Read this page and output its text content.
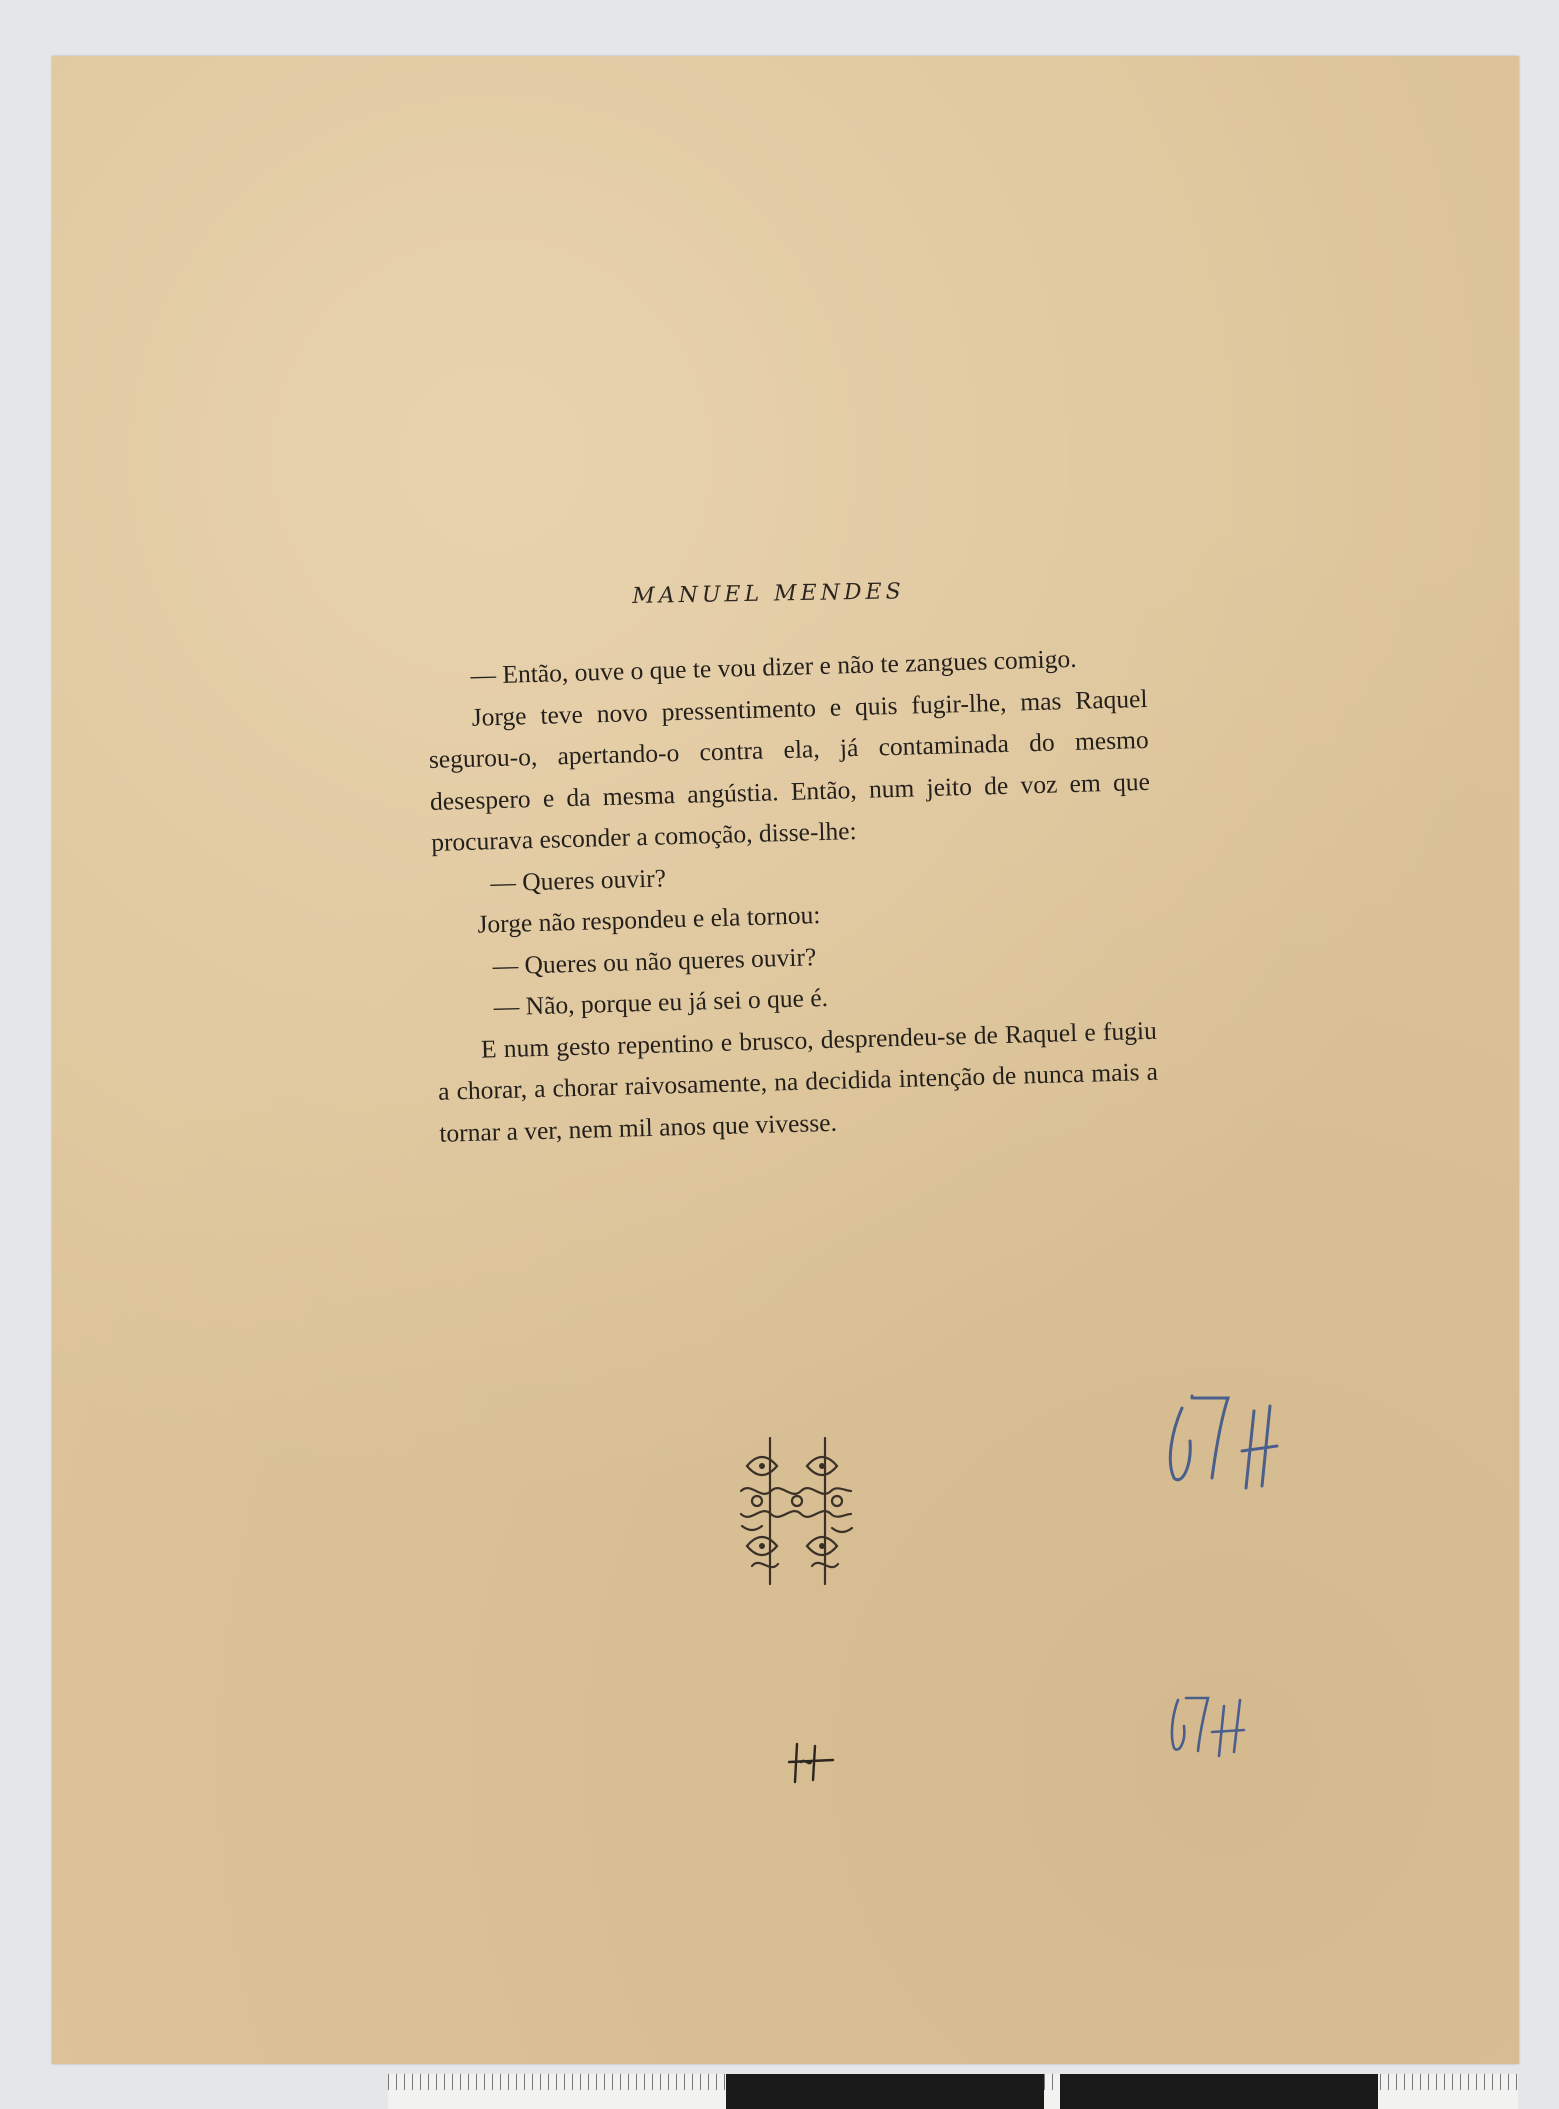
MANUEL MENDES

— Então, ouve o que te vou dizer e não te zangues comigo.

Jorge teve novo pressentimento e quis fugir-lhe, mas Raquel segurou-o, apertando-o contra ela, já contaminada do mesmo desespero e da mesma angústia. Então, num jeito de voz em que procurava esconder a comoção, disse-lhe:

— Queres ouvir?

Jorge não respondeu e ela tornou:

— Queres ou não queres ouvir?

— Não, porque eu já sei o que é.

E num gesto repentino e brusco, desprendeu-se de Raquel e fugiu a chorar, a chorar raivosamente, na decidida intenção de nunca mais a tornar a ver, nem mil anos que vivesse.
